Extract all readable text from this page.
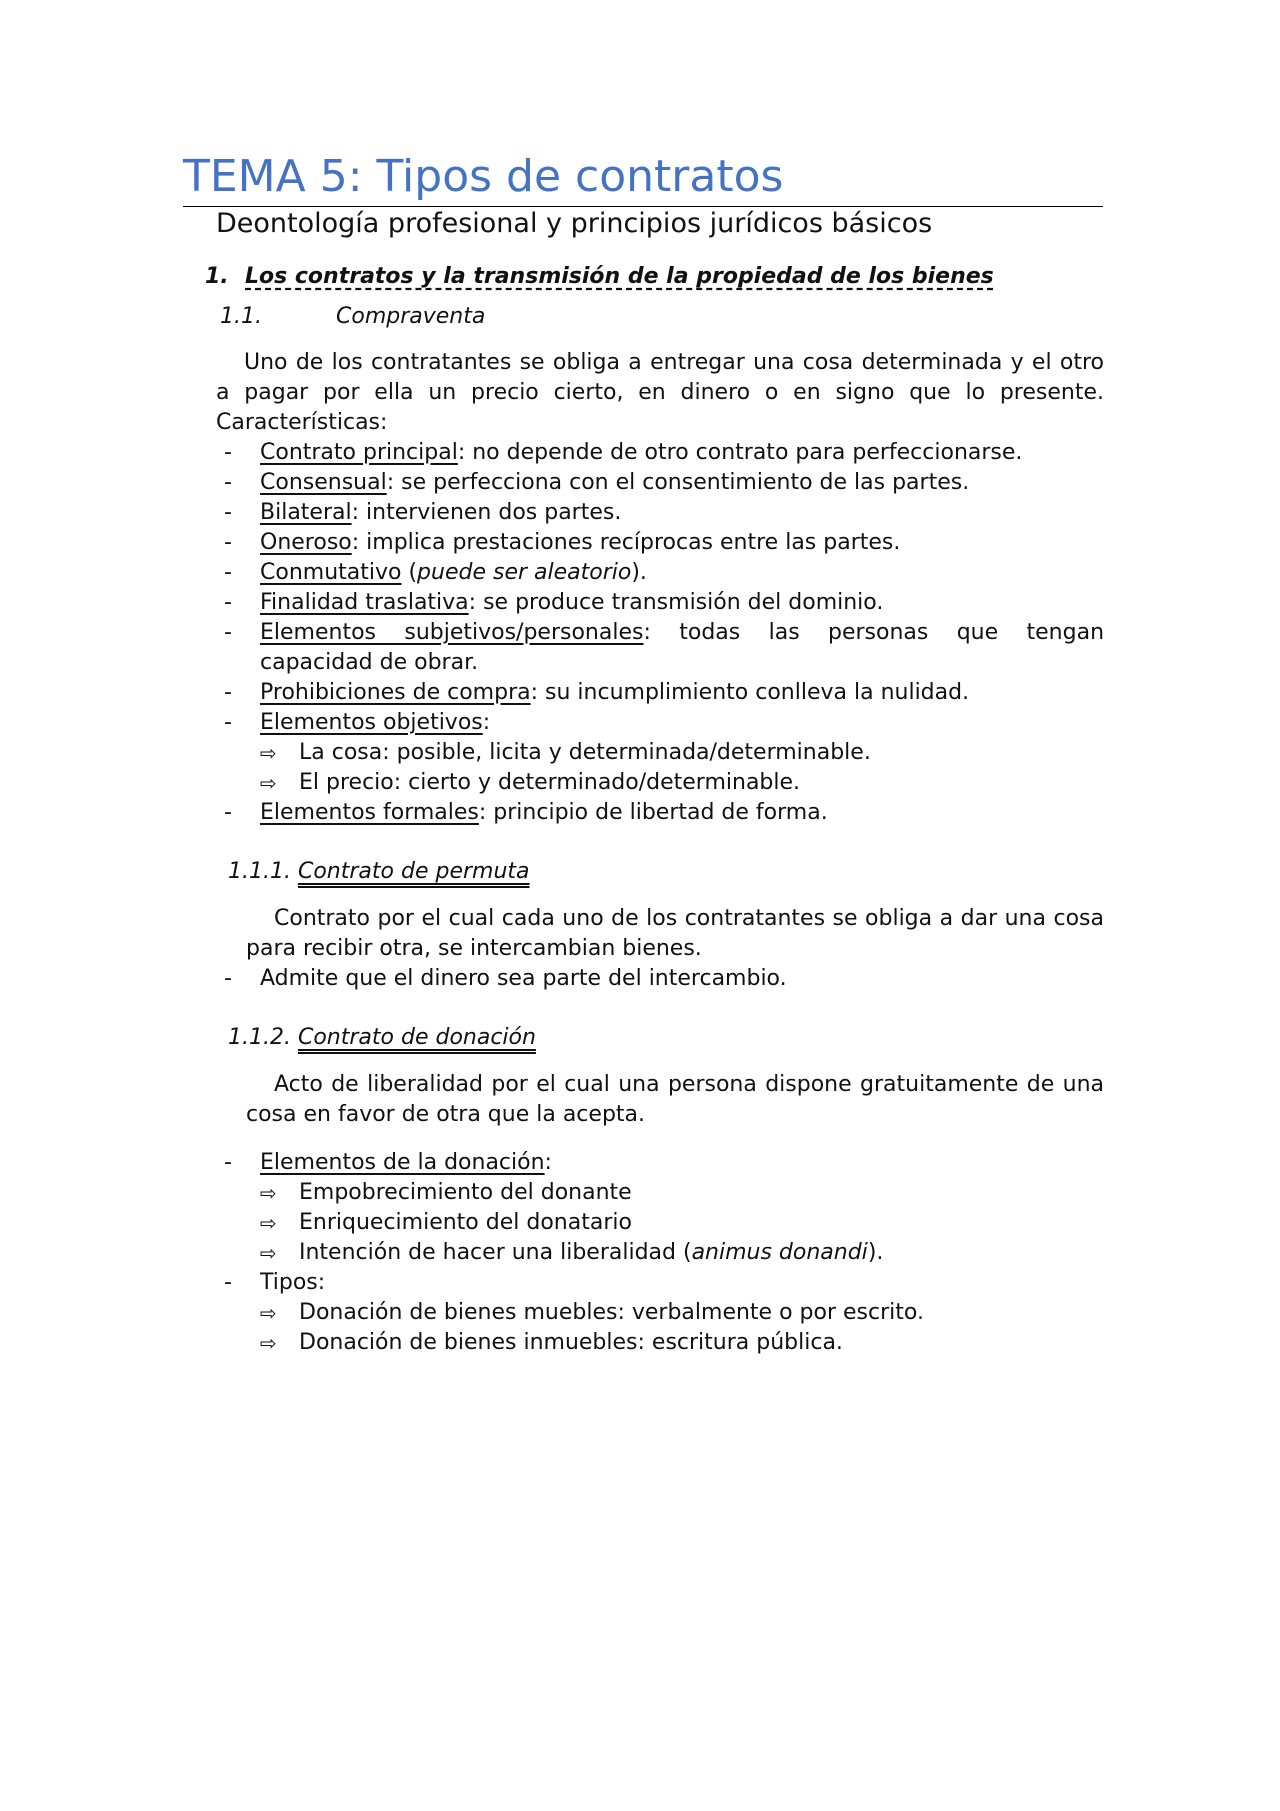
TEMA 5: Tipos de contratos
Deontología profesional y principios jurídicos básicos
1. Los contratos y la transmisión de la propiedad de los bienes
1.1.	Compraventa
Uno de los contratantes se obliga a entregar una cosa determinada y el otro a pagar por ella un precio cierto, en dinero o en signo que lo presente. Características:
- Contrato principal: no depende de otro contrato para perfeccionarse.
- Consensual: se perfecciona con el consentimiento de las partes.
- Bilateral: intervienen dos partes.
- Oneroso: implica prestaciones recíprocas entre las partes.
- Conmutativo (puede ser aleatorio).
- Finalidad traslativa: se produce transmisión del dominio.
- Elementos subjetivos/personales: todas las personas que tengan
capacidad de obrar.
- Prohibiciones de compra: su incumplimiento conlleva la nulidad.
- Elementos objetivos:
⇨ La cosa: posible, licita y determinada/determinable.
⇨ El precio: cierto y determinado/determinable.
- Elementos formales: principio de libertad de forma.
1.1.1. Contrato de permuta
Contrato por el cual cada uno de los contratantes se obliga a dar una cosa para recibir otra, se intercambian bienes.
- Admite que el dinero sea parte del intercambio.
1.1.2. Contrato de donación
Acto de liberalidad por el cual una persona dispone gratuitamente de una cosa en favor de otra que la acepta.
- Elementos de la donación:
⇨ Empobrecimiento del donante
⇨ Enriquecimiento del donatario
⇨ Intención de hacer una liberalidad (animus donandi).
- Tipos:
⇨ Donación de bienes muebles: verbalmente o por escrito.
⇨ Donación de bienes inmuebles: escritura pública.
